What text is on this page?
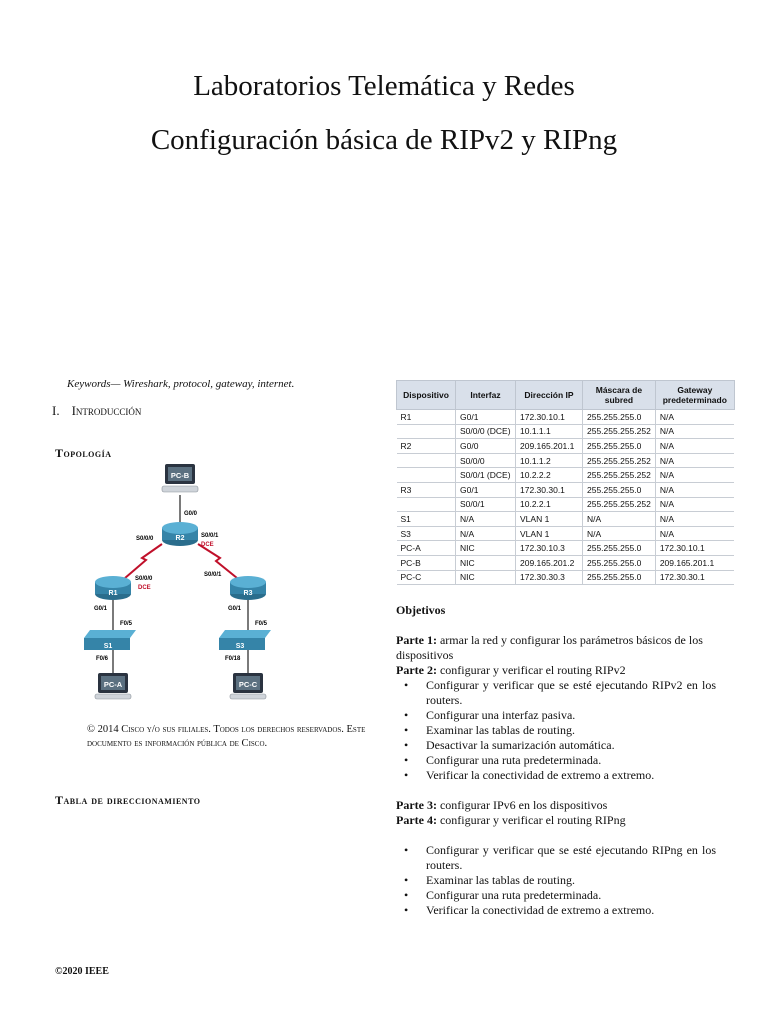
Laboratorios Telemática y Redes
Configuración básica de RIPv2 y RIPng
Keywords— Wireshark, protocol, gateway, internet.
I. Introducción
Topología
PC-B
R2
G0/0
S0/0/0	S0/0/1
DCE
R1
S0/0/0
DCE
G0/1
R3
S0/0/1
G0/1
S1
F0/5
F0/6
S3
F0/5
F0/18
PC-A	PC-C
© 2014 Cisco y/o sus filiales. Todos los derechos reservados. Este documento es información pública de Cisco.
Tabla de direccionamiento
©2020 IEEE
Dispositivo	Interfaz	Dirección IP	Máscara de subred	Gateway predeterminado
R1	G0/1	172.30.10.1	255.255.255.0	N/A
	S0/0/0 (DCE)	10.1.1.1	255.255.255.252	N/A
R2	G0/0	209.165.201.1	255.255.255.0	N/A
	S0/0/0	10.1.1.2	255.255.255.252	N/A
	S0/0/1 (DCE)	10.2.2.2	255.255.255.252	N/A
R3	G0/1	172.30.30.1	255.255.255.0	N/A
	S0/0/1	10.2.2.1	255.255.255.252	N/A
S1	N/A	VLAN 1	N/A	N/A
S3	N/A	VLAN 1	N/A	N/A
PC-A	NIC	172.30.10.3	255.255.255.0	172.30.10.1
PC-B	NIC	209.165.201.2	255.255.255.0	209.165.201.1
PC-C	NIC	172.30.30.3	255.255.255.0	172.30.30.1
Objetivos
Parte 1: armar la red y configurar los parámetros básicos de los dispositivos
Parte 2: configurar y verificar el routing RIPv2
• Configurar y verificar que se esté ejecutando RIPv2 en los routers.
• Configurar una interfaz pasiva.
• Examinar las tablas de routing.
• Desactivar la sumarización automática.
• Configurar una ruta predeterminada.
• Verificar la conectividad de extremo a extremo.
Parte 3: configurar IPv6 en los dispositivos
Parte 4: configurar y verificar el routing RIPng
• Configurar y verificar que se esté ejecutando RIPng en los routers.
• Examinar las tablas de routing.
• Configurar una ruta predeterminada.
• Verificar la conectividad de extremo a extremo.
